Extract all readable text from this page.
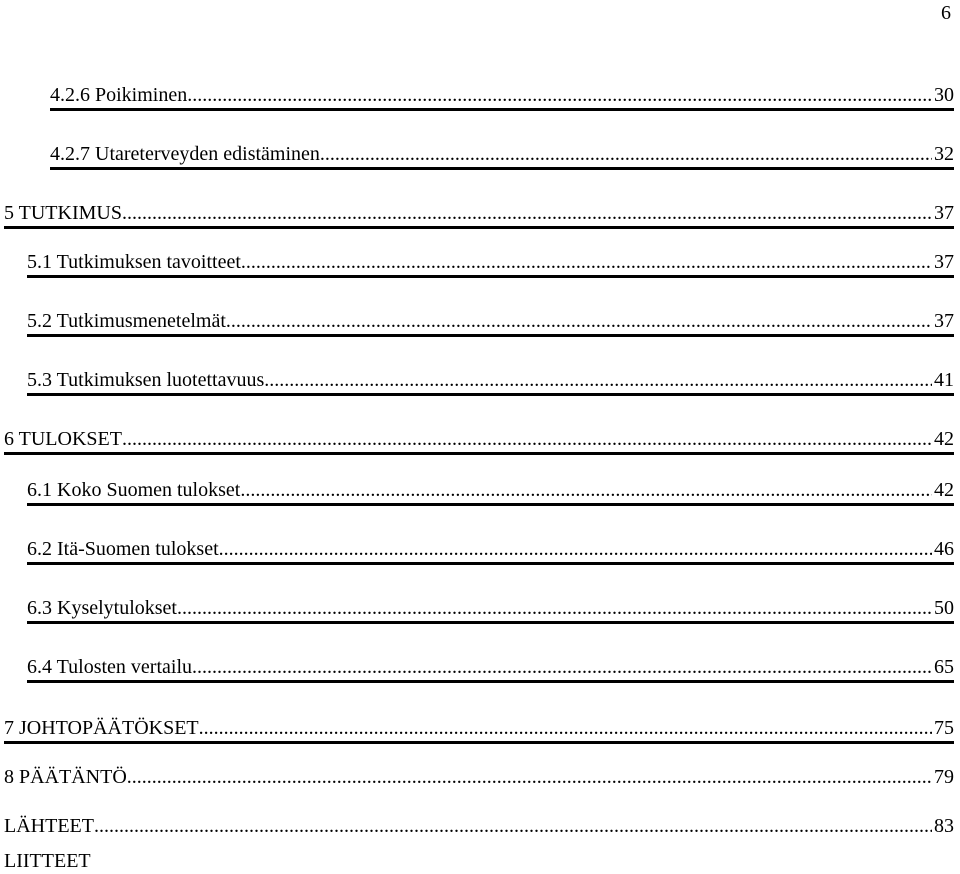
6
4.2.6 Poikiminen .....	30
4.2.7 Utareterveyden edistäminen .....	32
5 TUTKIMUS .....	37
5.1 Tutkimuksen tavoitteet .....	37
5.2 Tutkimusmenetelmät .....	37
5.3 Tutkimuksen luotettavuus .....	41
6 TULOKSET .....	42
6.1 Koko Suomen tulokset .....	42
6.2 Itä-Suomen tulokset .....	46
6.3 Kyselytulokset .....	50
6.4 Tulosten vertailu .....	65
7 JOHTOPÄÄTÖKSET .....	75
8 PÄÄTÄNTÖ .....	79
LÄHTEET .....	83
LIITTEET
